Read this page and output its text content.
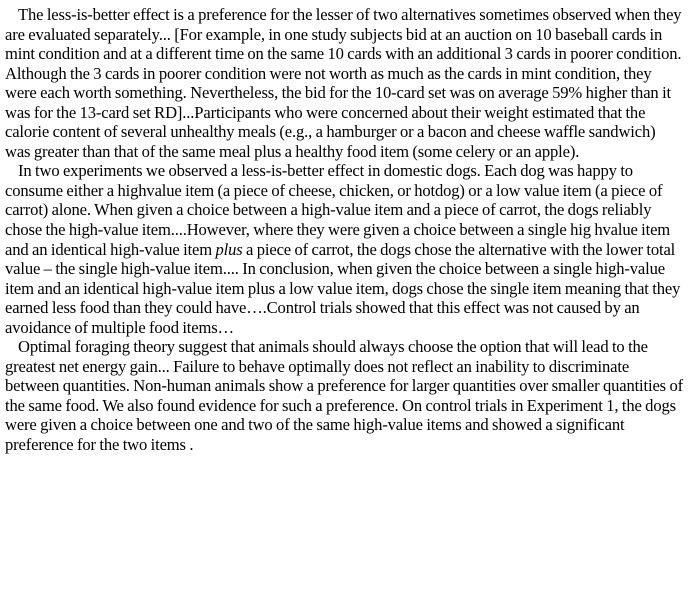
The less-is-better effect is a preference for the lesser of two alternatives sometimes observed when they are evaluated separately... [For example, in one study subjects bid at an auction on 10 baseball cards in mint condition and at a different time on the same 10 cards with an additional 3 cards in poorer condition. Although the 3 cards in poorer condition were not worth as much as the cards in mint condition, they were each worth something. Nevertheless, the bid for the 10-card set was on average 59% higher than it was for the 13-card set RD]...Participants who were concerned about their weight estimated that the calorie content of several unhealthy meals (e.g., a hamburger or a bacon and cheese waffle sandwich) was greater than that of the same meal plus a healthy food item (some celery or an apple).

In two experiments we observed a less-is-better effect in domestic dogs. Each dog was happy to consume either a highvalue item (a piece of cheese, chicken, or hotdog) or a low value item (a piece of carrot) alone. When given a choice between a high-value item and a piece of carrot, the dogs reliably chose the high-value item....However, where they were given a choice between a single hig hvalue item and an identical high-value item plus a piece of carrot, the dogs chose the alternative with the lower total value – the single high-value item.... In conclusion, when given the choice between a single high-value item and an identical high-value item plus a low value item, dogs chose the single item meaning that they earned less food than they could have….Control trials showed that this effect was not caused by an avoidance of multiple food items…

Optimal foraging theory suggest that animals should always choose the option that will lead to the greatest net energy gain... Failure to behave optimally does not reflect an inability to discriminate between quantities. Non-human animals show a preference for larger quantities over smaller quantities of the same food. We also found evidence for such a preference. On control trials in Experiment 1, the dogs were given a choice between one and two of the same high-value items and showed a significant preference for the two items .
